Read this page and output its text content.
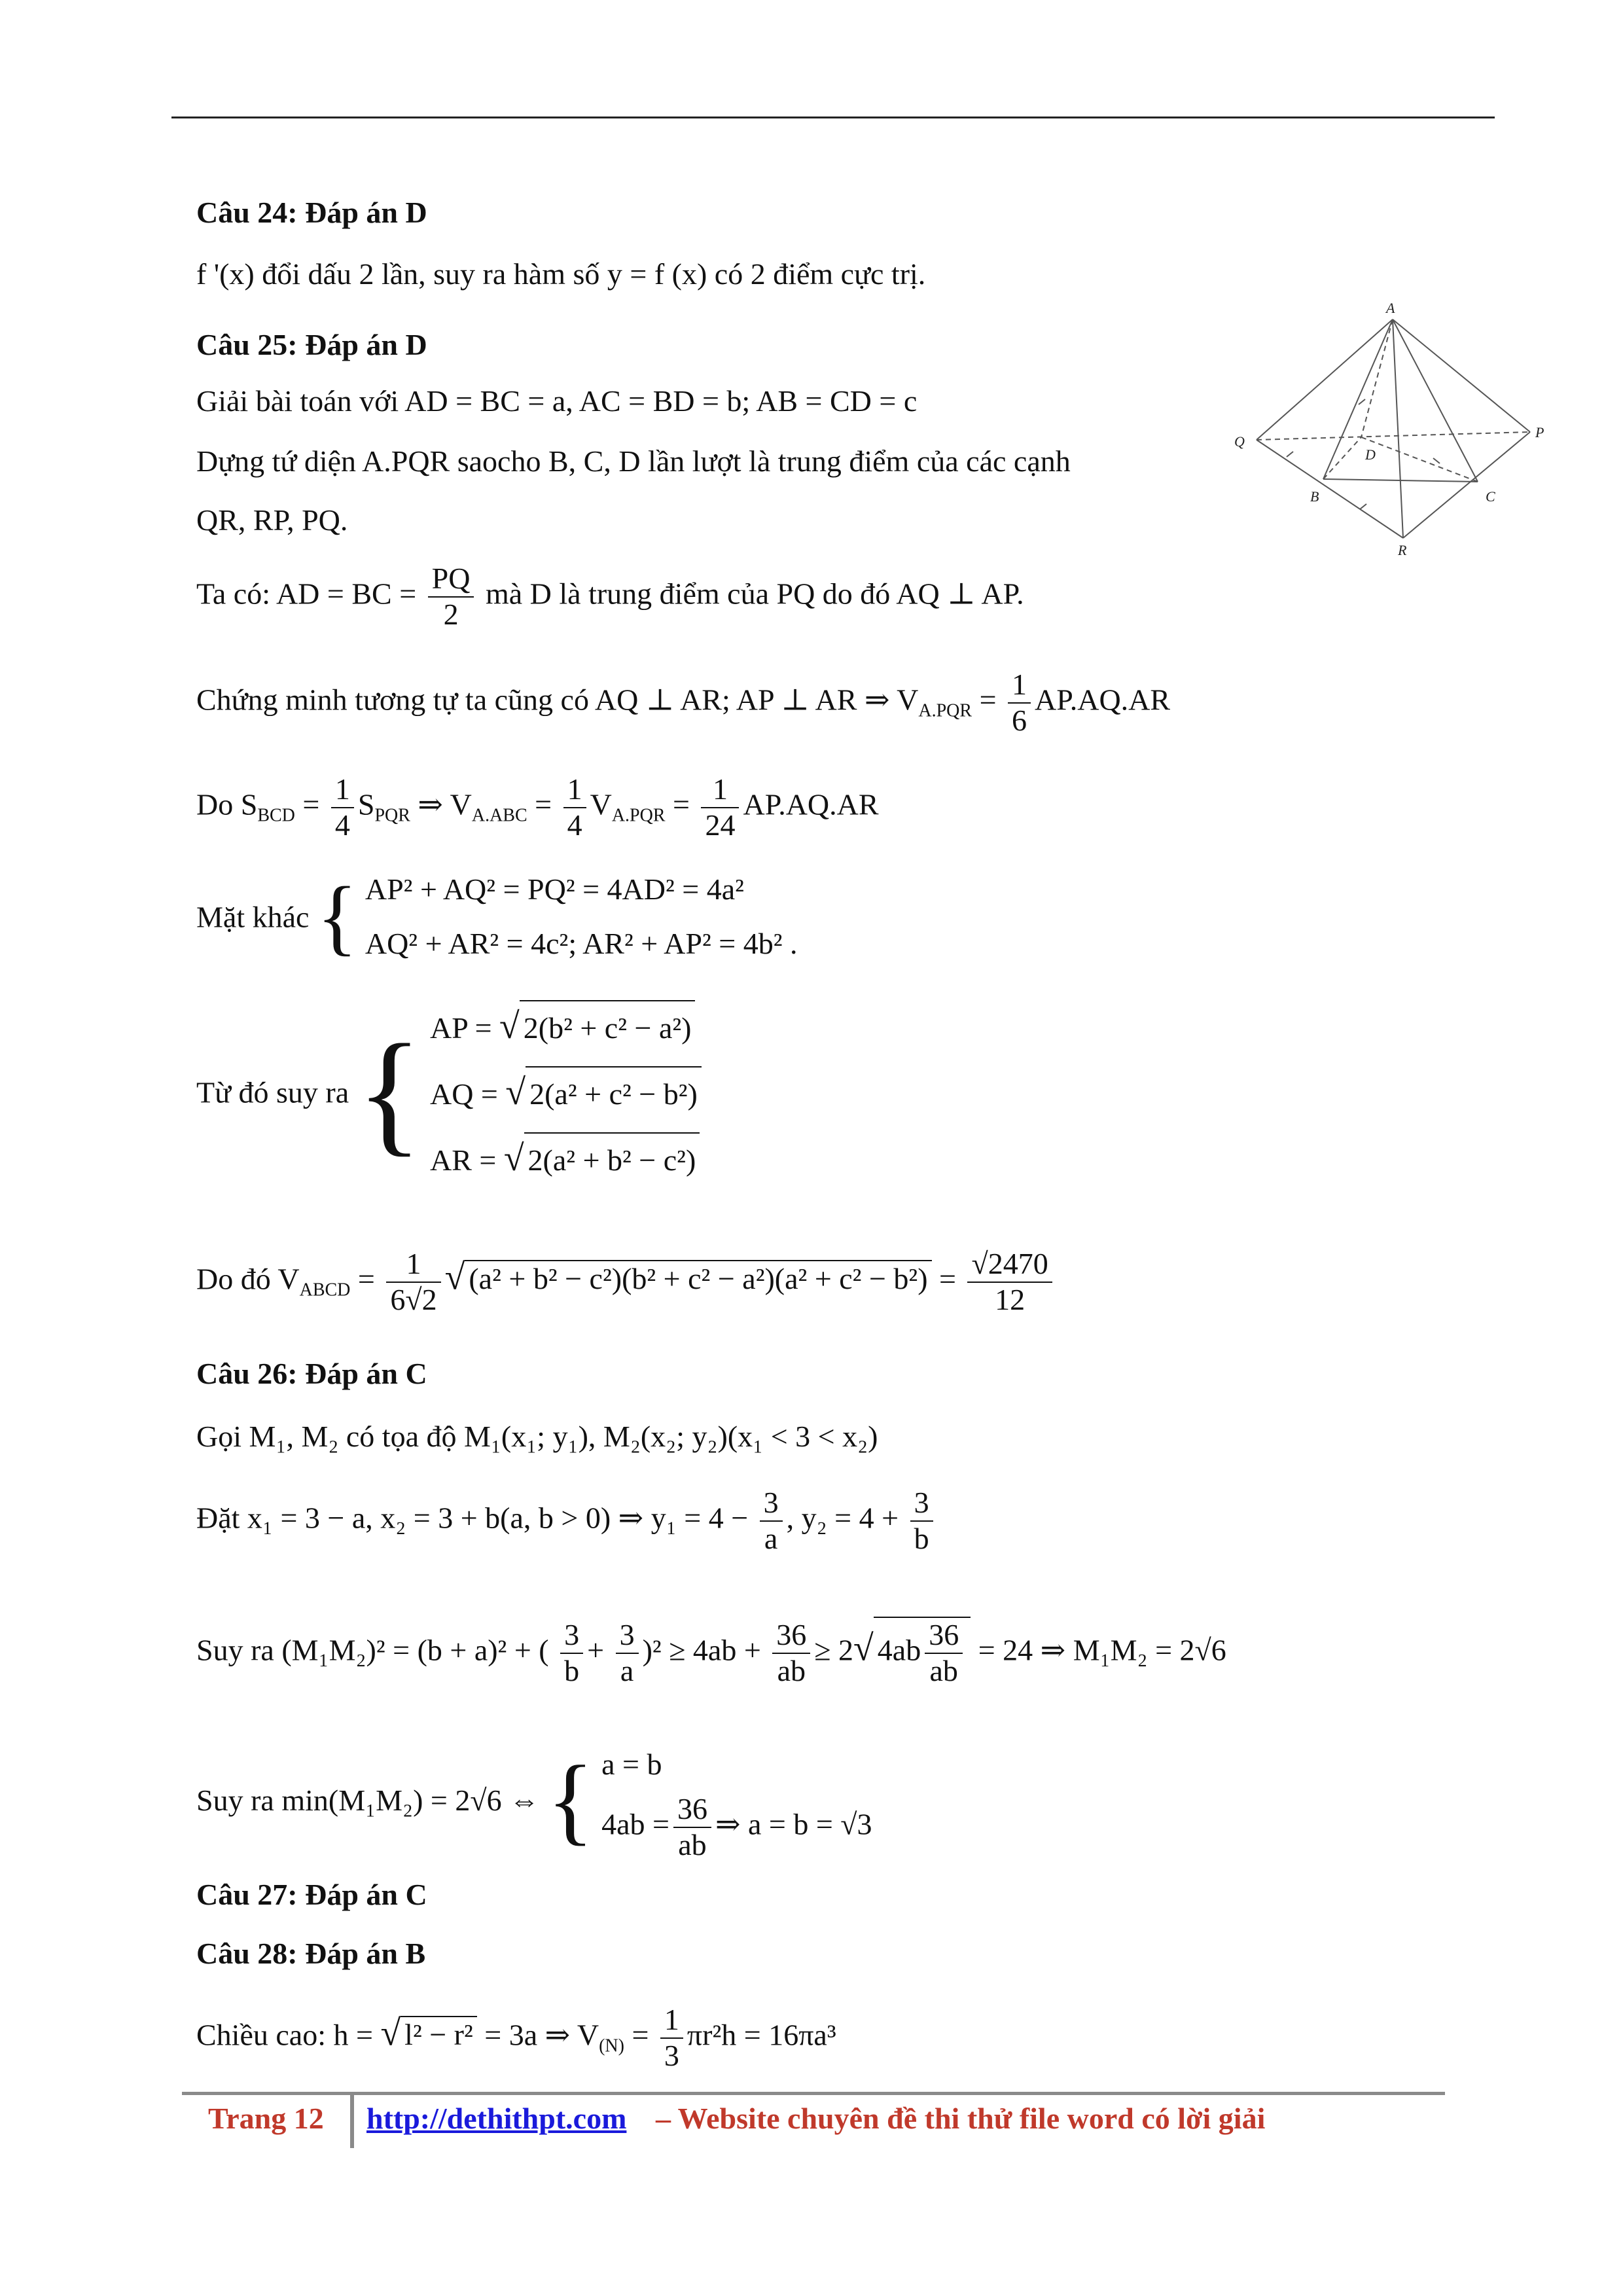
Câu 24: Đáp án D
f '(x) đổi dấu 2 lần, suy ra hàm số y = f (x) có 2 điểm cực trị.
Câu 25: Đáp án D
Giải bài toán với AD = BC = a, AC = BD = b; AB = CD = c
Dựng tứ diện A.PQR saocho B, C, D lần lượt là trung điểm của các cạnh
QR, RP, PQ.
Ta có: AD = BC = $\frac{PQ}{2}$ mà D là trung điểm của PQ do đó AQ ⊥ AP.
Chứng minh tương tự ta cũng có AQ ⊥ AR; AP ⊥ AR ⇒ $V_{A.PQR} = \frac{1}{6} AP.AQ.AR$
Do $S_{BCD} = \frac{1}{4} S_{PQR}$ ⇒ $V_{A.ABC} = \frac{1}{4} V_{A.PQR} = \frac{1}{24} AP.AQ.AR$
Mặt khác { AP² + AQ² = PQ² = 4AD² = 4a²
AQ² + AR² = 4c²; AR² + AP² = 4b² .
Từ đó suy ra { AP = √ 2(b² + c² − a²)
AQ = √ 2(a² + c² − b²)
AR = √ 2(a² + b² − c²)
Do đó $V_{ABCD} = \frac{1}{6√2}$ √ $(a^2 + b^2 - c^2)(b^2 + c^2 - a^2)(a^2 + c^2 - b^2) = \frac{√2470}{12}$
A
Q
P
D
B	C
R
Câu 26: Đáp án C
Gọi M₁, M₂ có tọa độ M₁(x₁; y₁), M₂(x₂; y₂)(x₁ < 3 < x₂)
Đặt x₁ = 3 − a, x₂ = 3 + b(a, b > 0) ⇒ $y_1 = 4 - \frac{3}{a}$ , $y_2 = 4 + \frac{3}{b}$
Suy ra (M₁M₂)² = (b + a)² + ( $\frac{3}{b} + \frac{3}{a} )^2 \ge 4ab + \frac{36}{ab} \ge 2√$ $4ab \frac{36}{ab} = 24$ ⇒ M₁M₂ = 2√6
Suy ra min(M₁M₂) = 2√6 ⇔ { a = b
$4ab = \frac{36}{ab}$ ⇒ a = b = √3
Câu 27: Đáp án C
Câu 28: Đáp án B
Chiều cao: h = √ l² − r² = 3a ⇒ $V_{(N)} = \frac{1}{3} \pi r^2h = 16\pi a^3$
Trang 12 http://dethithpt.com – Website chuyên đề thi thử file word có lời giải
